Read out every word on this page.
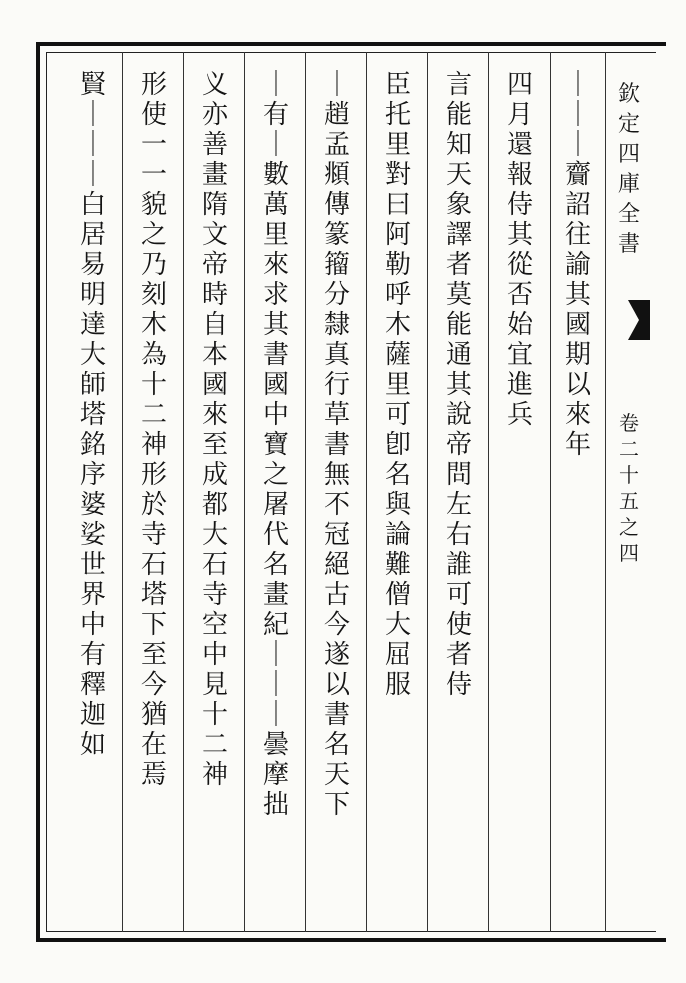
欽
定
四
庫
全
書
卷
二
十
五
之
四
｜
｜
｜
齎
詔
往
諭
其
國
期
以
來
年
四
月
還
報
侍
其
從
否
始
宜
進
兵
言
能
知
天
象
譯
者
莫
能
通
其
說
帝
問
左
右
誰
可
使
者
侍
臣
托
里
對
曰
阿
勒
呼
木
薩
里
可
卽
名
與
論
難
僧
大
屈
服
｜
趙
孟
頫
傳
篆
籀
分
隸
真
行
草
書
無
不
冠
絕
古
今
遂
以
書
名
天
下
｜
有
｜
數
萬
里
來
求
其
書
國
中
寶
之
屠
代
名
畫
紀
｜
｜
｜
曇
摩
拙
义
亦
善
畫
隋
文
帝
時
自
本
國
來
至
成
都
大
石
寺
空
中
見
十
二
神
形
使
一
一
貌
之
乃
刻
木
為
十
二
神
形
於
寺
石
塔
下
至
今
猶
在
焉
賢
｜
｜
｜
白
居
易
明
達
大
師
塔
銘
序
婆
娑
世
界
中
有
釋
迦
如
